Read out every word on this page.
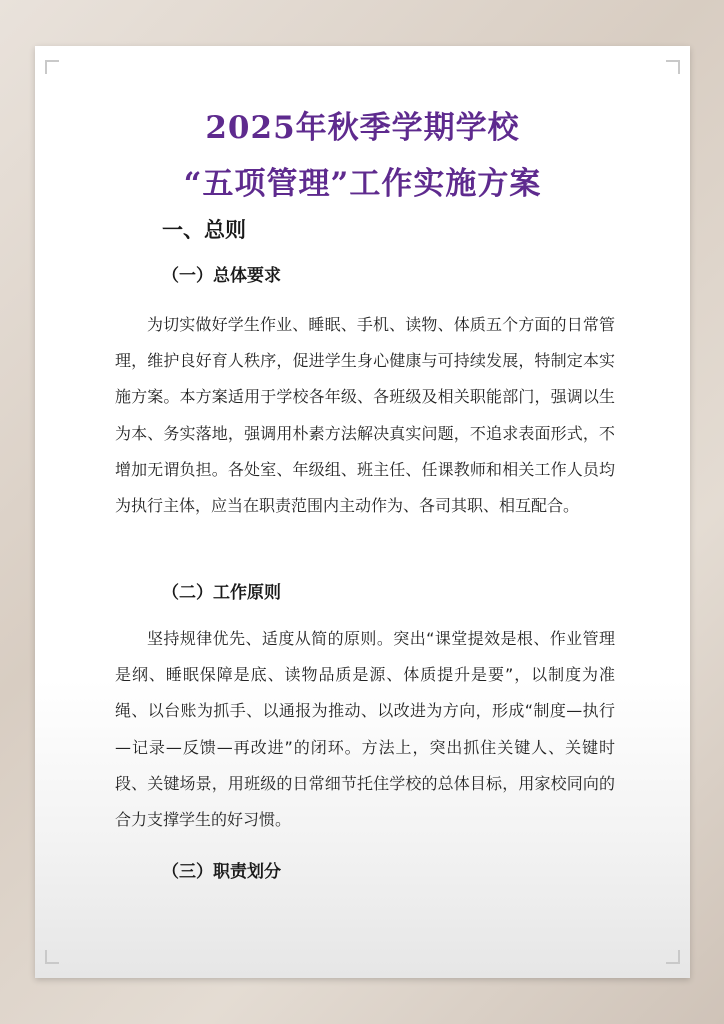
2025年秋季学期学校
“五项管理”工作实施方案
一、总则
（一）总体要求
为切实做好学生作业、睡眠、手机、读物、体质五个方面的日常管理，维护良好育人秩序，促进学生身心健康与可持续发展，特制定本实施方案。本方案适用于学校各年级、各班级及相关职能部门，强调以生为本、务实落地，强调用朴素方法解决真实问题，不追求表面形式，不增加无谓负担。各处室、年级组、班主任、任课教师和相关工作人员均为执行主体，应当在职责范围内主动作为、各司其职、相互配合。
（二）工作原则
坚持规律优先、适度从简的原则。突出“课堂提效是根、作业管理是纲、睡眠保障是底、读物品质是源、体质提升是要”，以制度为准绳、以台账为抓手、以通报为推动、以改进为方向，形成“制度—执行—记录—反馈—再改进”的闭环。方法上，突出抓住关键人、关键时段、关键场景，用班级的日常细节托住学校的总体目标，用家校同向的合力支撑学生的好习惯。
（三）职责划分
